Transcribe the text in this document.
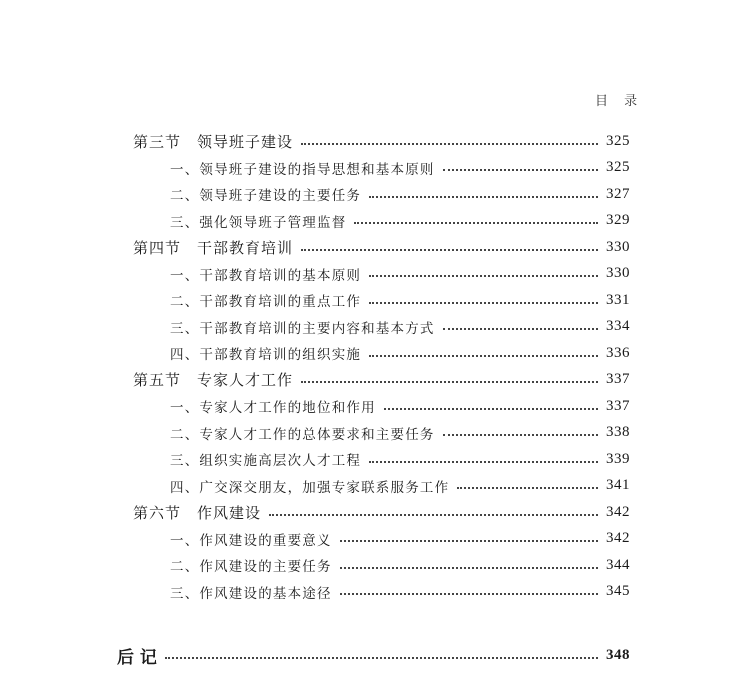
目 录
第三节 领导班子建设	325
一、领导班子建设的指导思想和基本原则	325
二、领导班子建设的主要任务	327
三、强化领导班子管理监督	329
第四节 干部教育培训	330
一、干部教育培训的基本原则	330
二、干部教育培训的重点工作	331
三、干部教育培训的主要内容和基本方式	334
四、干部教育培训的组织实施	336
第五节 专家人才工作	337
一、专家人才工作的地位和作用	337
二、专家人才工作的总体要求和主要任务	338
三、组织实施高层次人才工程	339
四、广交深交朋友，加强专家联系服务工作	341
第六节 作风建设	342
一、作风建设的重要意义	342
二、作风建设的主要任务	344
三、作风建设的基本途径	345
后 记	348
